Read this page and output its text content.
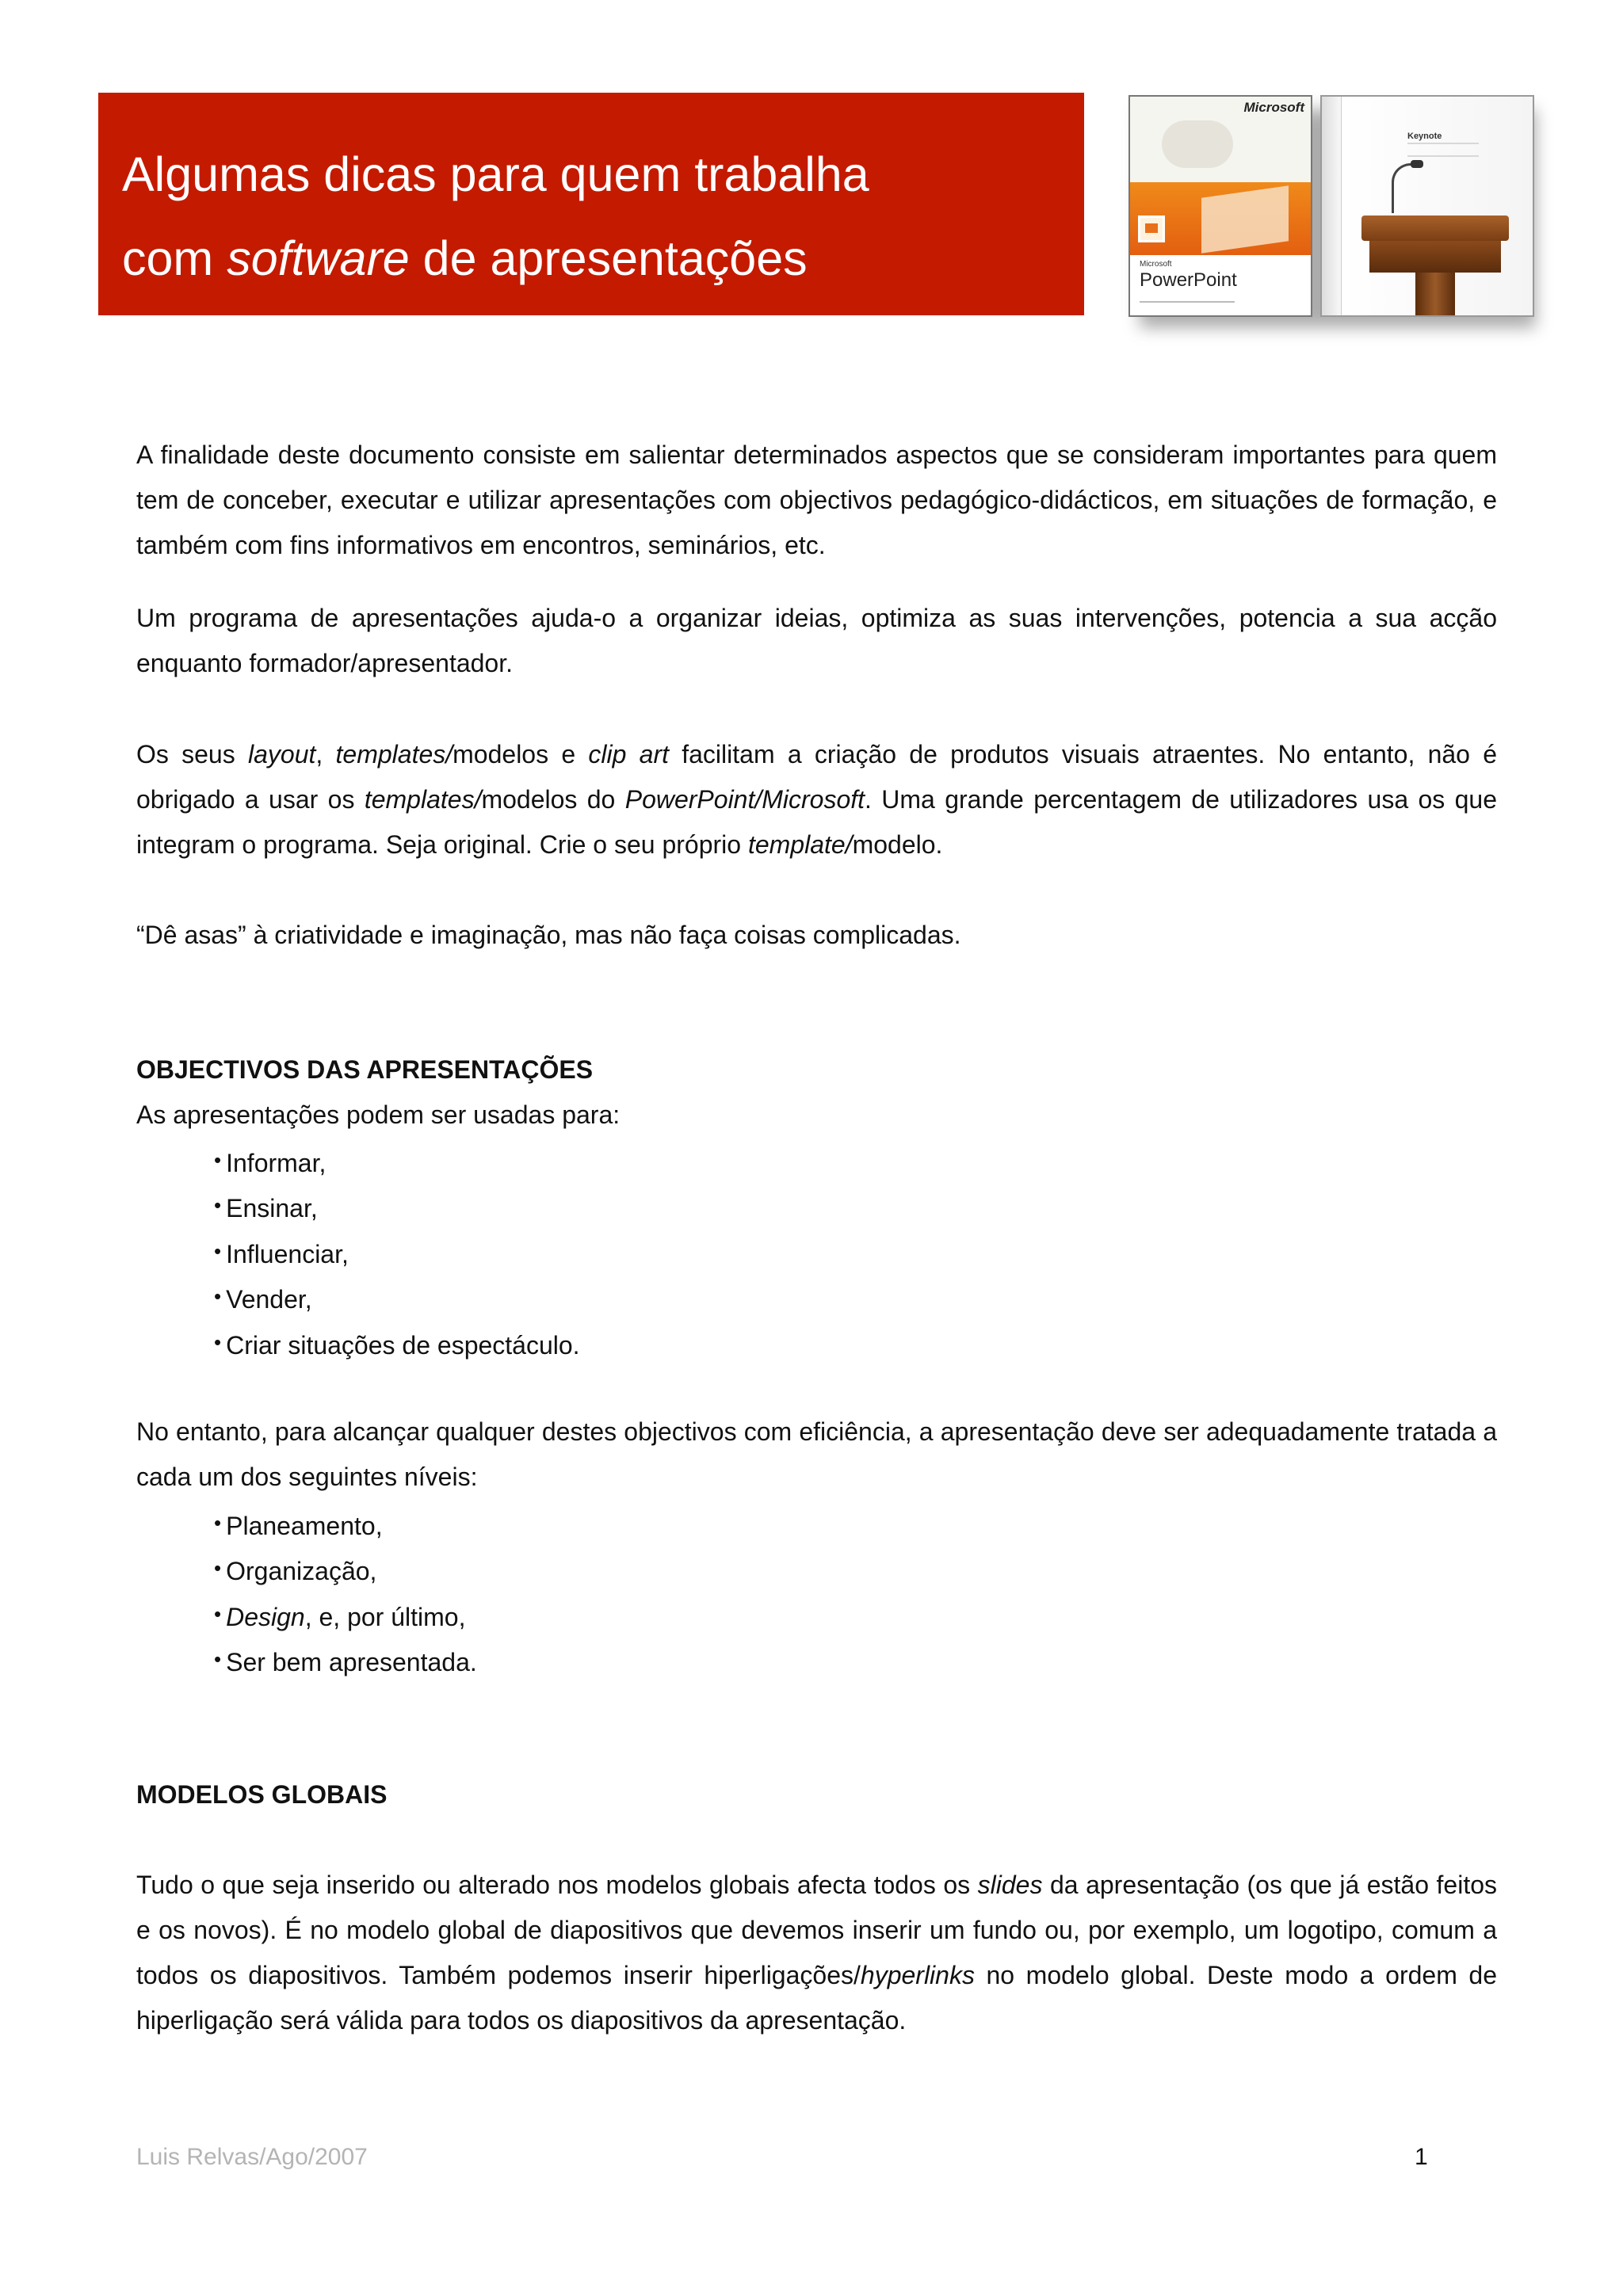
Algumas dicas para quem trabalha

com software de apresentações

Microsoft
Microsoft
PowerPoint
Keynote

A finalidade deste documento consiste em salientar determinados aspectos que se consideram importantes para quem tem de conceber, executar e utilizar apresentações com objectivos pedagógico-didácticos, em situações de formação, e também com fins informativos em encontros, seminários, etc.

Um programa de apresentações ajuda-o a organizar ideias, optimiza as suas intervenções, potencia a sua acção enquanto formador/apresentador.

Os seus layout, templates/modelos e clip art facilitam a criação de produtos visuais atraentes. No entanto, não é obrigado a usar os templates/modelos do PowerPoint/Microsoft. Uma grande percentagem de utilizadores usa os que integram o programa. Seja original. Crie o seu próprio template/modelo.

“Dê asas” à criatividade e imaginação, mas não faça coisas complicadas.

OBJECTIVOS DAS APRESENTAÇÕES

As apresentações podem ser usadas para:

• Informar,
• Ensinar,
• Influenciar,
• Vender,
• Criar situações de espectáculo.

No entanto, para alcançar qualquer destes objectivos com eficiência, a apresentação deve ser adequadamente tratada a cada um dos seguintes níveis:

• Planeamento,
• Organização,
• Design, e, por último,
• Ser bem apresentada.

MODELOS GLOBAIS

Tudo o que seja inserido ou alterado nos modelos globais afecta todos os slides da apresentação (os que já estão feitos e os novos). É no modelo global de diapositivos que devemos inserir um fundo ou, por exemplo, um logotipo, comum a todos os diapositivos. Também podemos inserir hiperligações/hyperlinks no modelo global. Deste modo a ordem de hiperligação será válida para todos os diapositivos da apresentação.

Luis Relvas/Ago/2007	1
